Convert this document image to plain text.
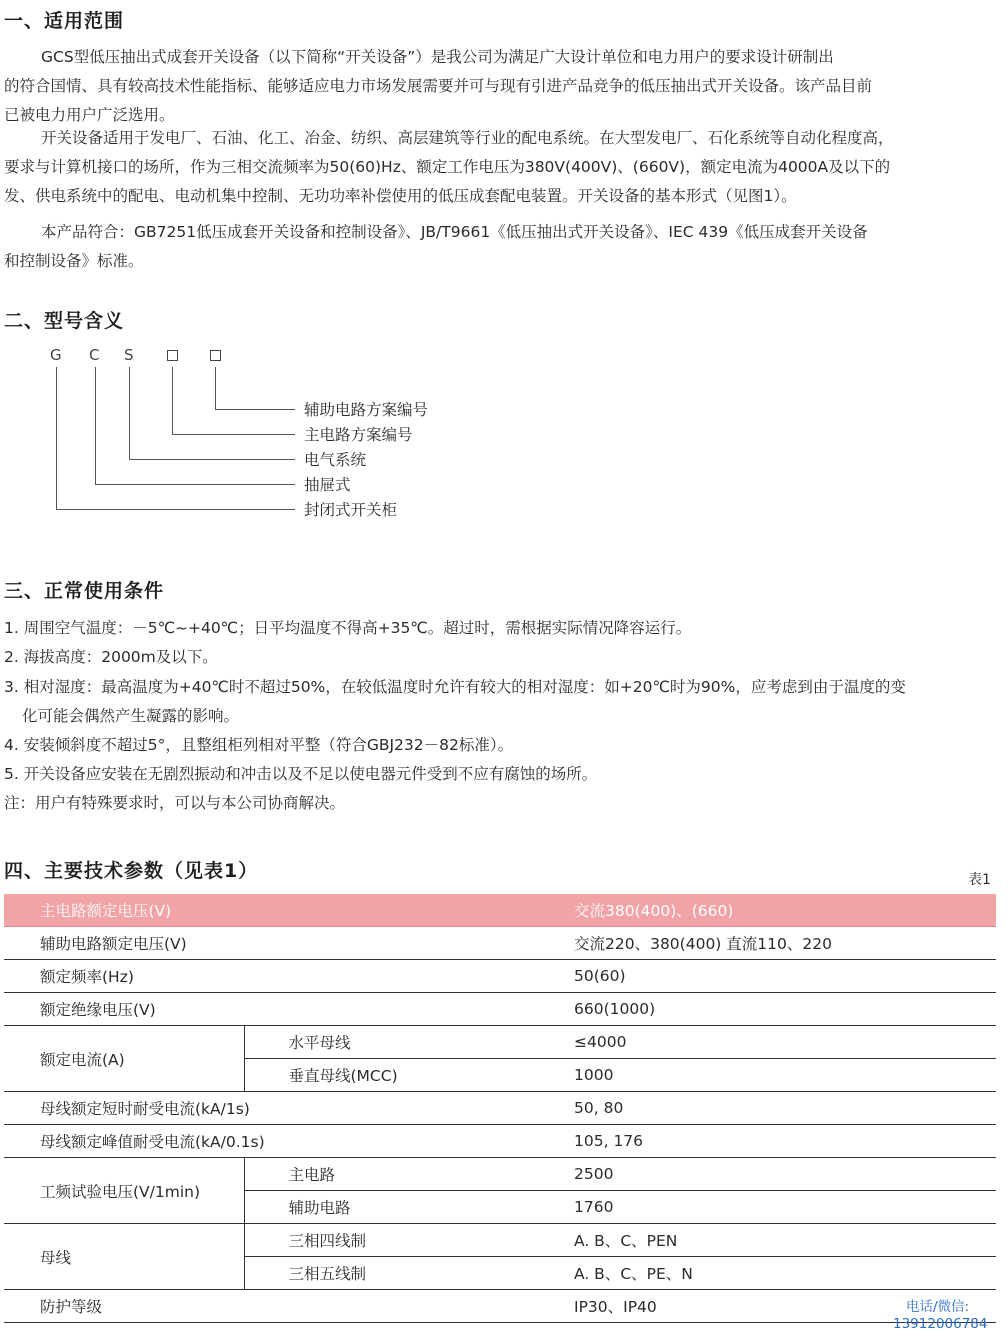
一、适用范围
GCS型低压抽出式成套开关设备（以下简称“开关设备”）是我公司为满足广大设计单位和电力用户的要求设计研制出
的符合国情、具有较高技术性能指标、能够适应电力市场发展需要并可与现有引进产品竞争的低压抽出式开关设备。该产品目前
已被电力用户广泛选用。
开关设备适用于发电厂、石油、化工、冶金、纺织、高层建筑等行业的配电系统。在大型发电厂、石化系统等自动化程度高，
要求与计算机接口的场所，作为三相交流频率为50(60)Hz、额定工作电压为380V(400V)、(660V)，额定电流为4000A及以下的
发、供电系统中的配电、电动机集中控制、无功功率补偿使用的低压成套配电装置。开关设备的基本形式（见图1）。
本产品符合：GB7251低压成套开关设备和控制设备》、JB/T9661《低压抽出式开关设备》、IEC 439《低压成套开关设备
和控制设备》标准。
二、型号含义
G C S
辅助电路方案编号
主电路方案编号
电气系统
抽屉式
封闭式开关柜
三、正常使用条件
1. 周围空气温度：－5℃~+40℃；日平均温度不得高+35℃。超过时，需根据实际情况降容运行。
2. 海拔高度：2000m及以下。
3. 相对湿度：最高温度为+40℃时不超过50%，在较低温度时允许有较大的相对湿度：如+20℃时为90%，应考虑到由于温度的变
化可能会偶然产生凝露的影响。
4. 安装倾斜度不超过5°，且整组柜列相对平整（符合GBJ232－82标准）。
5. 开关设备应安装在无剧烈振动和冲击以及不足以使电器元件受到不应有腐蚀的场所。
注：用户有特殊要求时，可以与本公司协商解决。
四、主要技术参数（见表1）	表1
主电路额定电压(V)		交流380(400)、(660)
辅助电路额定电压(V)		交流220、380(400) 直流110、220
额定频率(Hz)		50(60)
额定绝缘电压(V)		660(1000)
额定电流(A)	水平母线	≤4000
	垂直母线(MCC)	1000
母线额定短时耐受电流(kA/1s)		50, 80
母线额定峰值耐受电流(kA/0.1s)		105, 176
工频试验电压(V/1min)	主电路	2500
	辅助电路	1760
母线	三相四线制	A. B、C、PEN
	三相五线制	A. B、C、PE、N
防护等级		IP30、IP40	电话/微信:
13912006784
